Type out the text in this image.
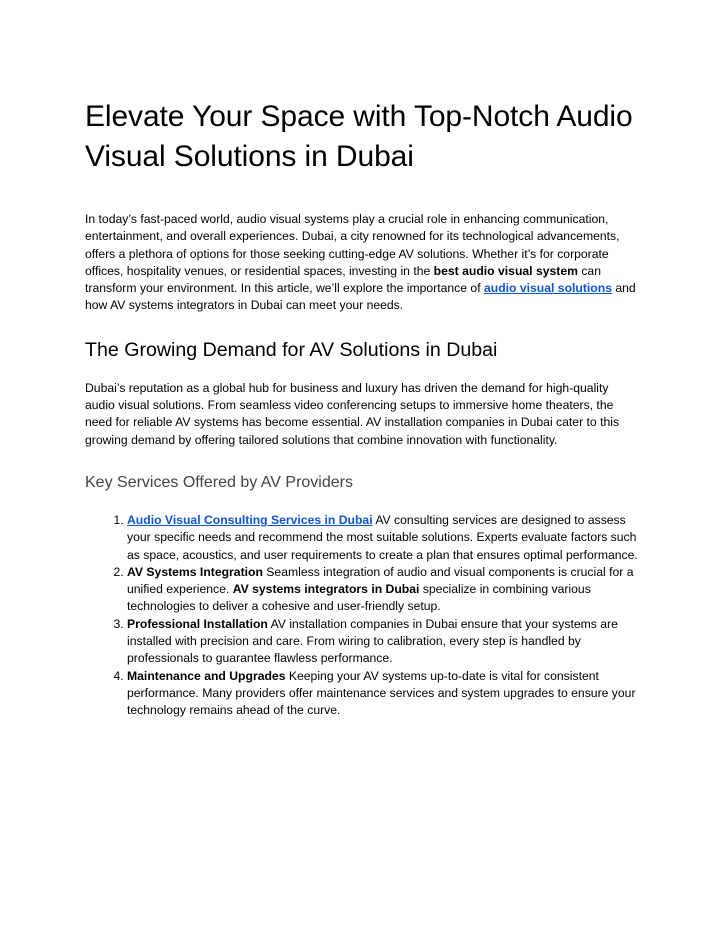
Elevate Your Space with Top-Notch Audio Visual Solutions in Dubai

In today’s fast-paced world, audio visual systems play a crucial role in enhancing communication, entertainment, and overall experiences. Dubai, a city renowned for its technological advancements, offers a plethora of options for those seeking cutting-edge AV solutions. Whether it’s for corporate offices, hospitality venues, or residential spaces, investing in the best audio visual system can transform your environment. In this article, we’ll explore the importance of audio visual solutions and how AV systems integrators in Dubai can meet your needs.

The Growing Demand for AV Solutions in Dubai

Dubai’s reputation as a global hub for business and luxury has driven the demand for high-quality audio visual solutions. From seamless video conferencing setups to immersive home theaters, the need for reliable AV systems has become essential. AV installation companies in Dubai cater to this growing demand by offering tailored solutions that combine innovation with functionality.

Key Services Offered by AV Providers
1. Audio Visual Consulting Services in Dubai AV consulting services are designed to assess your specific needs and recommend the most suitable solutions. Experts evaluate factors such as space, acoustics, and user requirements to create a plan that ensures optimal performance.
2. AV Systems Integration Seamless integration of audio and visual components is crucial for a unified experience. AV systems integrators in Dubai specialize in combining various technologies to deliver a cohesive and user-friendly setup.
3. Professional Installation AV installation companies in Dubai ensure that your systems are installed with precision and care. From wiring to calibration, every step is handled by professionals to guarantee flawless performance.
4. Maintenance and Upgrades Keeping your AV systems up-to-date is vital for consistent performance. Many providers offer maintenance services and system upgrades to ensure your technology remains ahead of the curve.
